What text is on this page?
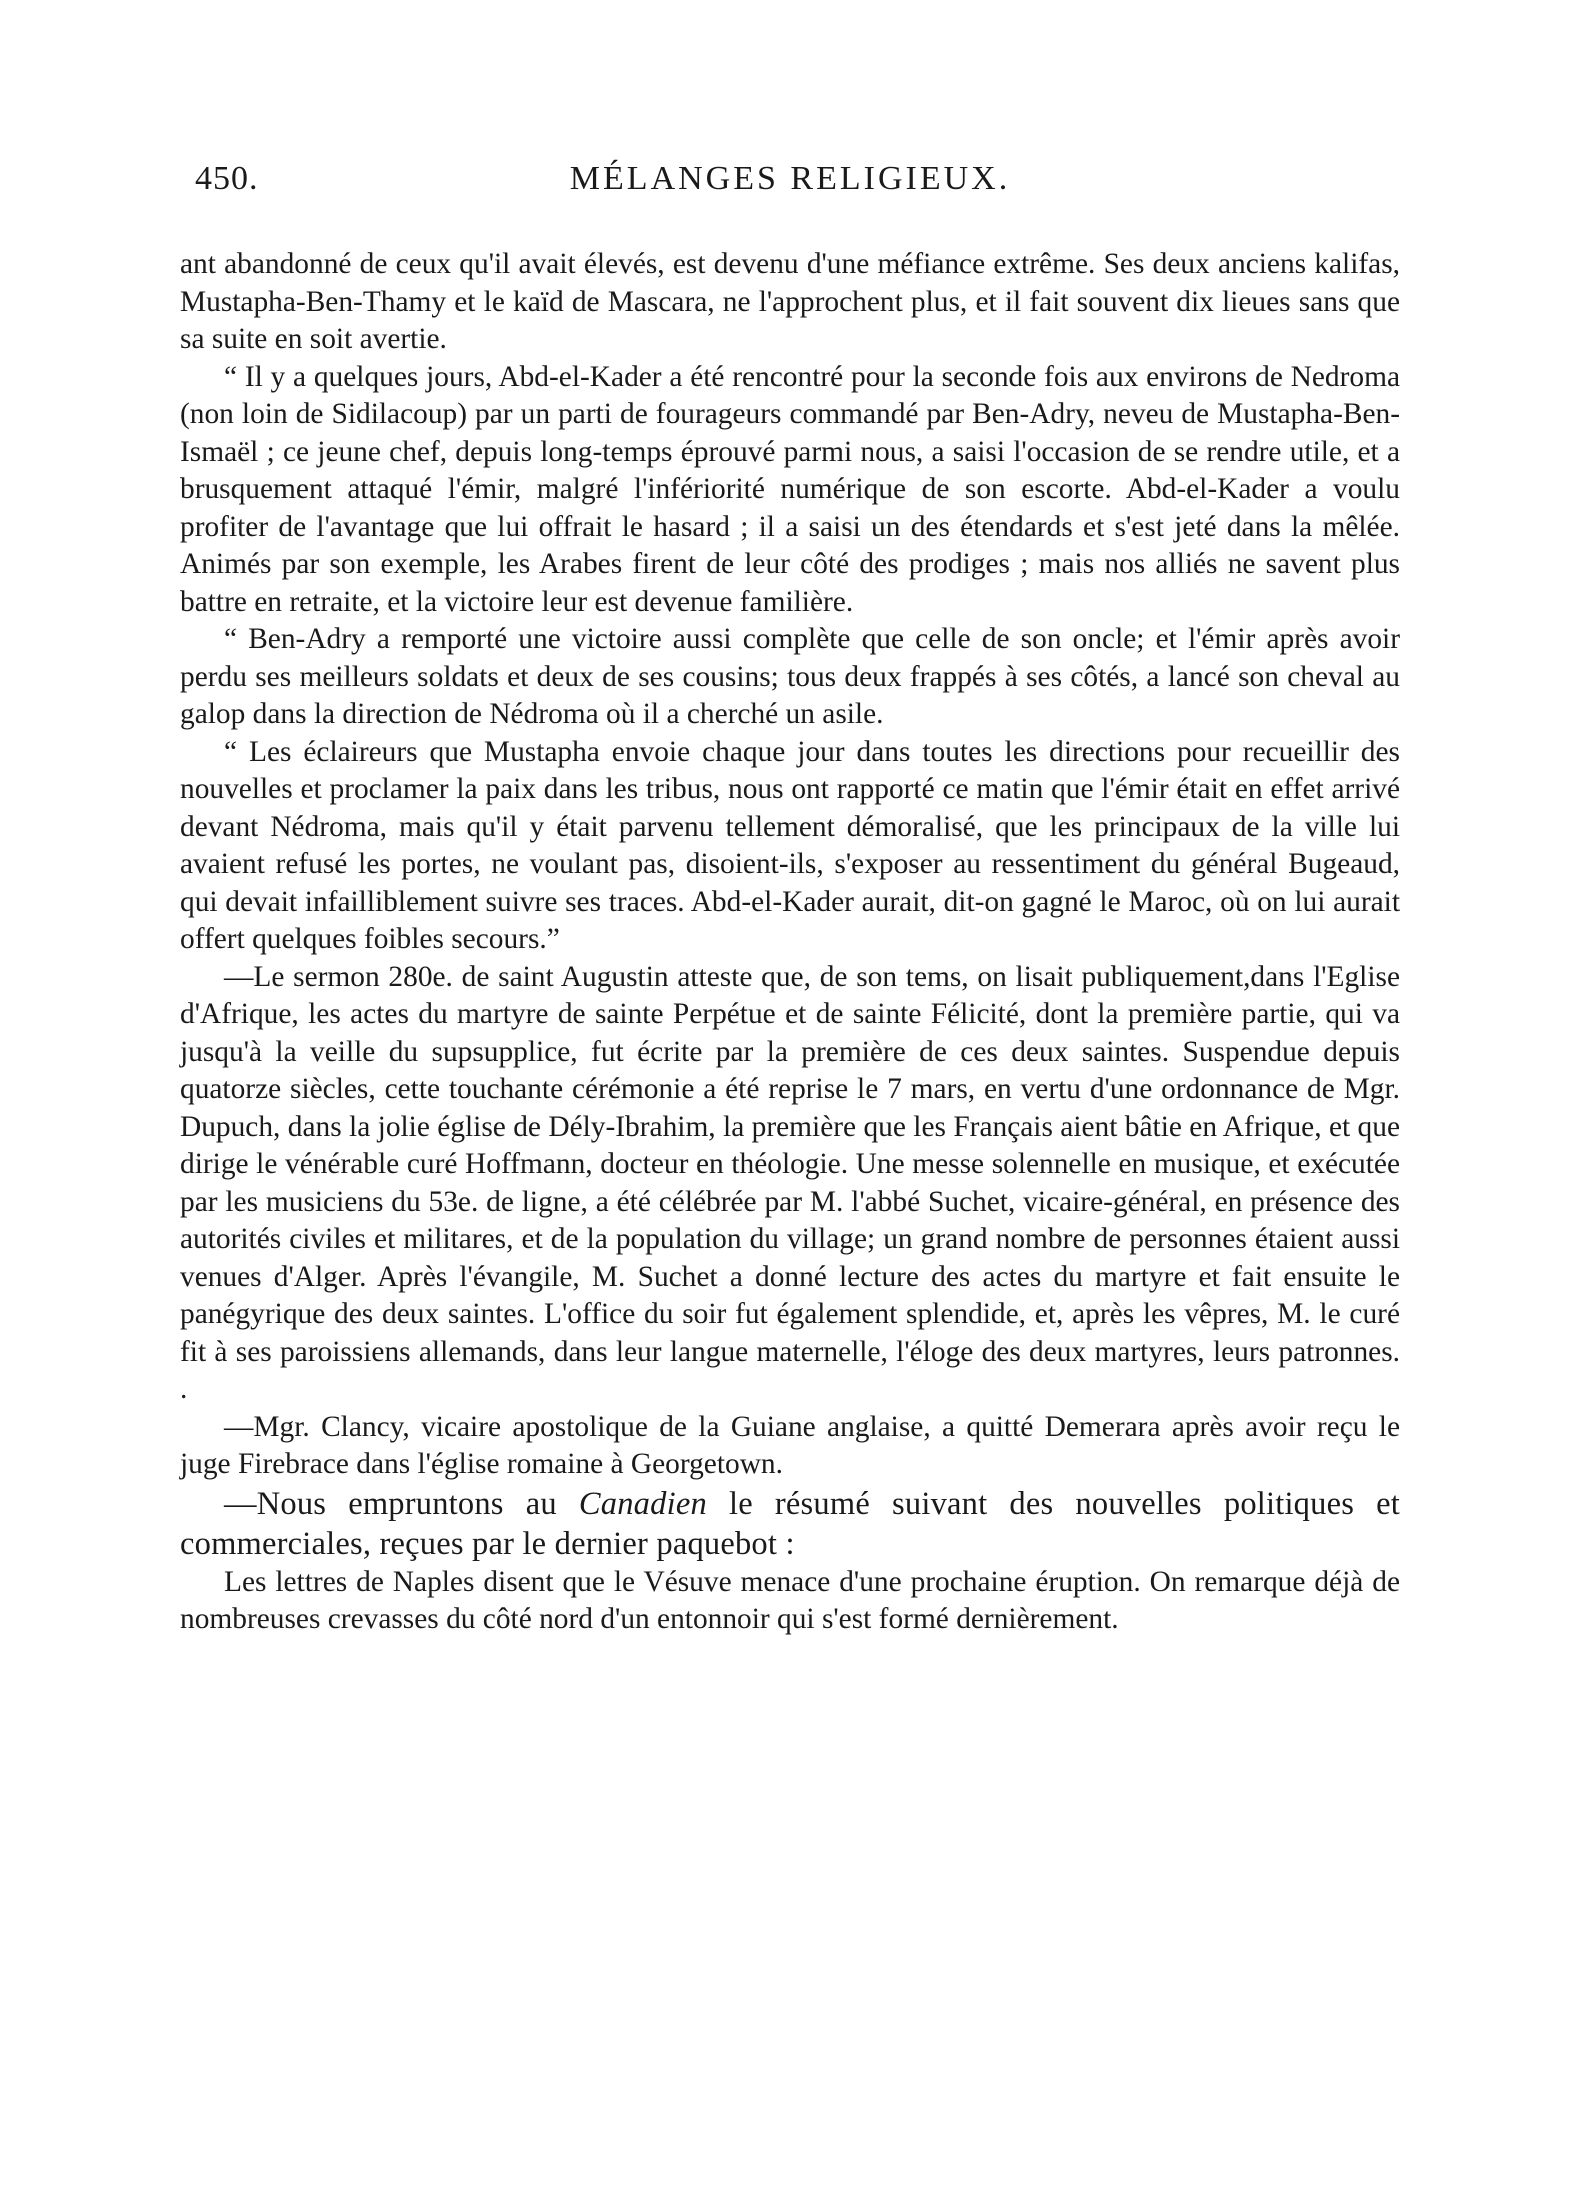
450.	MÉLANGES RELIGIEUX.

ant abandonné de ceux qu'il avait élevés, est devenu d'une méfiance extrême. Ses deux anciens kalifas, Mustapha-Ben-Thamy et le kaïd de Mascara, ne l'approchent plus, et il fait souvent dix lieues sans que sa suite en soit avertie.

“ Il y a quelques jours, Abd-el-Kader a été rencontré pour la seconde fois aux environs de Nedroma (non loin de Sidilacoup) par un parti de fourageurs commandé par Ben-Adry, neveu de Mustapha-Ben-Ismaël ; ce jeune chef, depuis long-temps éprouvé parmi nous, a saisi l'occasion de se rendre utile, et a brusquement attaqué l'émir, malgré l'infériorité numérique de son escorte. Abd-el-Kader a voulu profiter de l'avantage que lui offrait le hasard ; il a saisi un des étendards et s'est jeté dans la mêlée. Animés par son exemple, les Arabes firent de leur côté des prodiges ; mais nos alliés ne savent plus battre en retraite, et la victoire leur est devenue familière.

“ Ben-Adry a remporté une victoire aussi complète que celle de son oncle; et l'émir après avoir perdu ses meilleurs soldats et deux de ses cousins; tous deux frappés à ses côtés, a lancé son cheval au galop dans la direction de Nédroma où il a cherché un asile.

“ Les éclaireurs que Mustapha envoie chaque jour dans toutes les directions pour recueillir des nouvelles et proclamer la paix dans les tribus, nous ont rapporté ce matin que l'émir était en effet arrivé devant Nédroma, mais qu'il y était parvenu tellement démoralisé, que les principaux de la ville lui avaient refusé les portes, ne voulant pas, disoient-ils, s'exposer au ressentiment du général Bugeaud, qui devait infailliblement suivre ses traces. Abd-el-Kader aurait, dit-on gagné le Maroc, où on lui aurait offert quelques foibles secours.”

—Le sermon 280e. de saint Augustin atteste que, de son tems, on lisait publiquement,dans l'Eglise d'Afrique, les actes du martyre de sainte Perpétue et de sainte Félicité, dont la première partie, qui va jusqu'à la veille du supsupplice, fut écrite par la première de ces deux saintes. Suspendue depuis quatorze siècles, cette touchante cérémonie a été reprise le 7 mars, en vertu d'une ordonnance de Mgr. Dupuch, dans la jolie église de Dély-Ibrahim, la première que les Français aient bâtie en Afrique, et que dirige le vénérable curé Hoffmann, docteur en théologie. Une messe solennelle en musique, et exécutée par les musiciens du 53e. de ligne, a été célébrée par M. l'abbé Suchet, vicaire-général, en présence des autorités civiles et militares, et de la population du village; un grand nombre de personnes étaient aussi venues d'Alger. Après l'évangile, M. Suchet a donné lecture des actes du martyre et fait ensuite le panégyrique des deux saintes. L'office du soir fut également splendide, et, après les vêpres, M. le curé fit à ses paroissiens allemands, dans leur langue maternelle, l'éloge des deux martyres, leurs patronnes. .

—Mgr. Clancy, vicaire apostolique de la Guiane anglaise, a quitté Demerara après avoir reçu le juge Firebrace dans l'église romaine à Georgetown.

—Nous empruntons au Canadien le résumé suivant des nouvelles politiques et commerciales, reçues par le dernier paquebot :

Les lettres de Naples disent que le Vésuve menace d'une prochaine éruption. On remarque déjà de nombreuses crevasses du côté nord d'un entonnoir qui s'est formé dernièrement.
